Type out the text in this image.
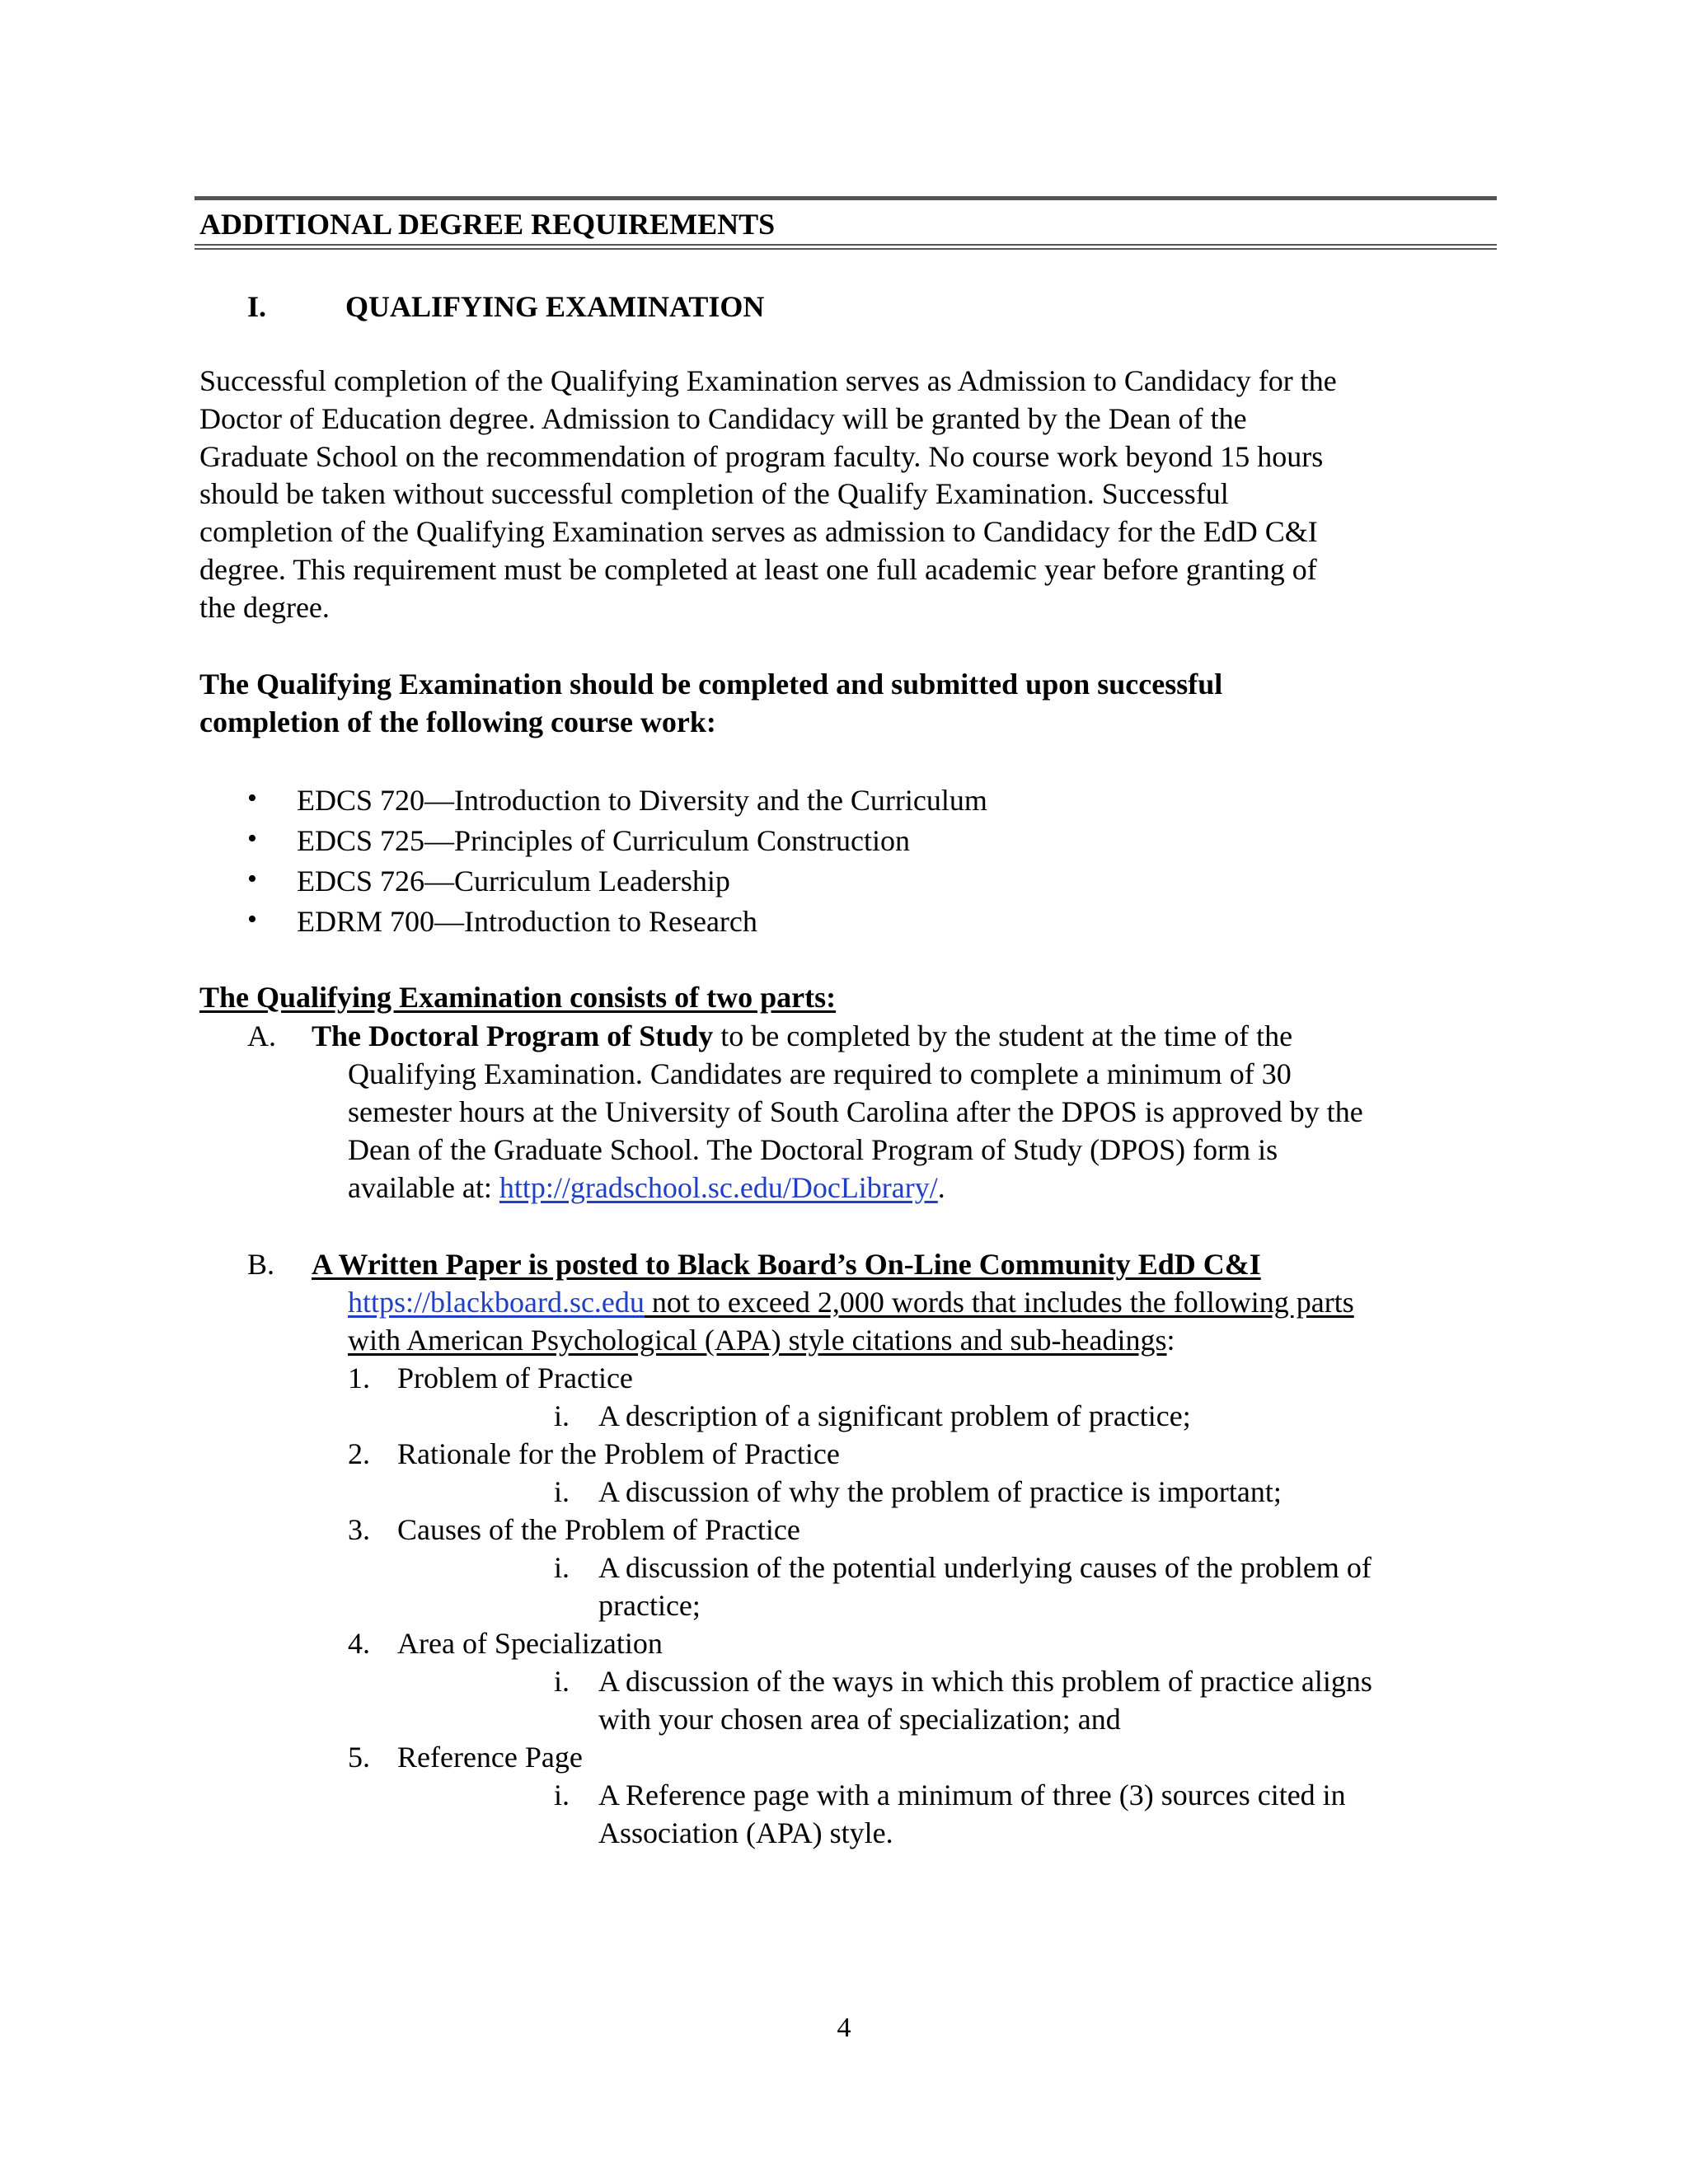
ADDITIONAL DEGREE REQUIREMENTS
I.	QUALIFYING EXAMINATION
Successful completion of the Qualifying Examination serves as Admission to Candidacy for the
Doctor of Education degree. Admission to Candidacy will be granted by the Dean of the
Graduate School on the recommendation of program faculty. No course work beyond 15 hours
should be taken without successful completion of the Qualify Examination. Successful
completion of the Qualifying Examination serves as admission to Candidacy for the EdD C&I
degree. This requirement must be completed at least one full academic year before granting of
the degree.
The Qualifying Examination should be completed and submitted upon successful
completion of the following course work:
• EDCS 720—Introduction to Diversity and the Curriculum
• EDCS 725—Principles of Curriculum Construction
• EDCS 726—Curriculum Leadership
• EDRM 700—Introduction to Research
The Qualifying Examination consists of two parts:
A. The Doctoral Program of Study to be completed by the student at the time of the
Qualifying Examination. Candidates are required to complete a minimum of 30
semester hours at the University of South Carolina after the DPOS is approved by the
Dean of the Graduate School. The Doctoral Program of Study (DPOS) form is
available at: http://gradschool.sc.edu/DocLibrary/.
B. A Written Paper is posted to Black Board’s On-Line Community EdD C&I
https://blackboard.sc.edu not to exceed 2,000 words that includes the following parts
with American Psychological (APA) style citations and sub-headings:
1. Problem of Practice
i. A description of a significant problem of practice;
2. Rationale for the Problem of Practice
i. A discussion of why the problem of practice is important;
3. Causes of the Problem of Practice
i. A discussion of the potential underlying causes of the problem of
practice;
4. Area of Specialization
i. A discussion of the ways in which this problem of practice aligns
with your chosen area of specialization; and
5. Reference Page
i. A Reference page with a minimum of three (3) sources cited in
Association (APA) style.
4
